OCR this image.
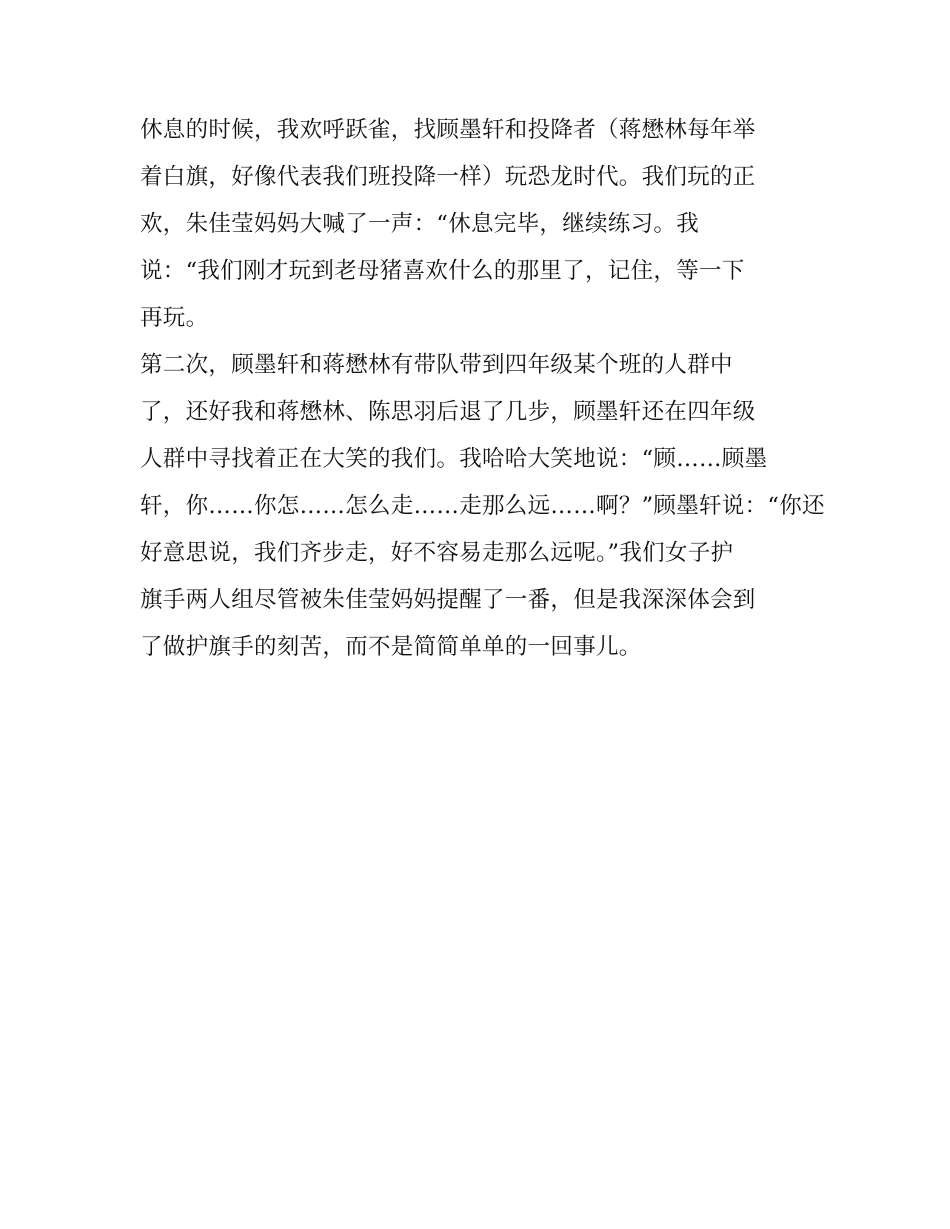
休息的时候，我欢呼跃雀，找顾墨轩和投降者（蒋懋林每年举
着白旗，好像代表我们班投降一样）玩恐龙时代。我们玩的正
欢，朱佳莹妈妈大喊了一声：“休息完毕，继续练习。我
说：“我们刚才玩到老母猪喜欢什么的那里了，记住，等一下
再玩。
第二次，顾墨轩和蒋懋林有带队带到四年级某个班的人群中
了，还好我和蒋懋林、陈思羽后退了几步，顾墨轩还在四年级
人群中寻找着正在大笑的我们。我哈哈大笑地说：“顾……顾墨
轩，你……你怎……怎么走……走那么远……啊？”顾墨轩说：“你还
好意思说，我们齐步走，好不容易走那么远呢。”我们女子护
旗手两人组尽管被朱佳莹妈妈提醒了一番，但是我深深体会到
了做护旗手的刻苦，而不是简简单单的一回事儿。
